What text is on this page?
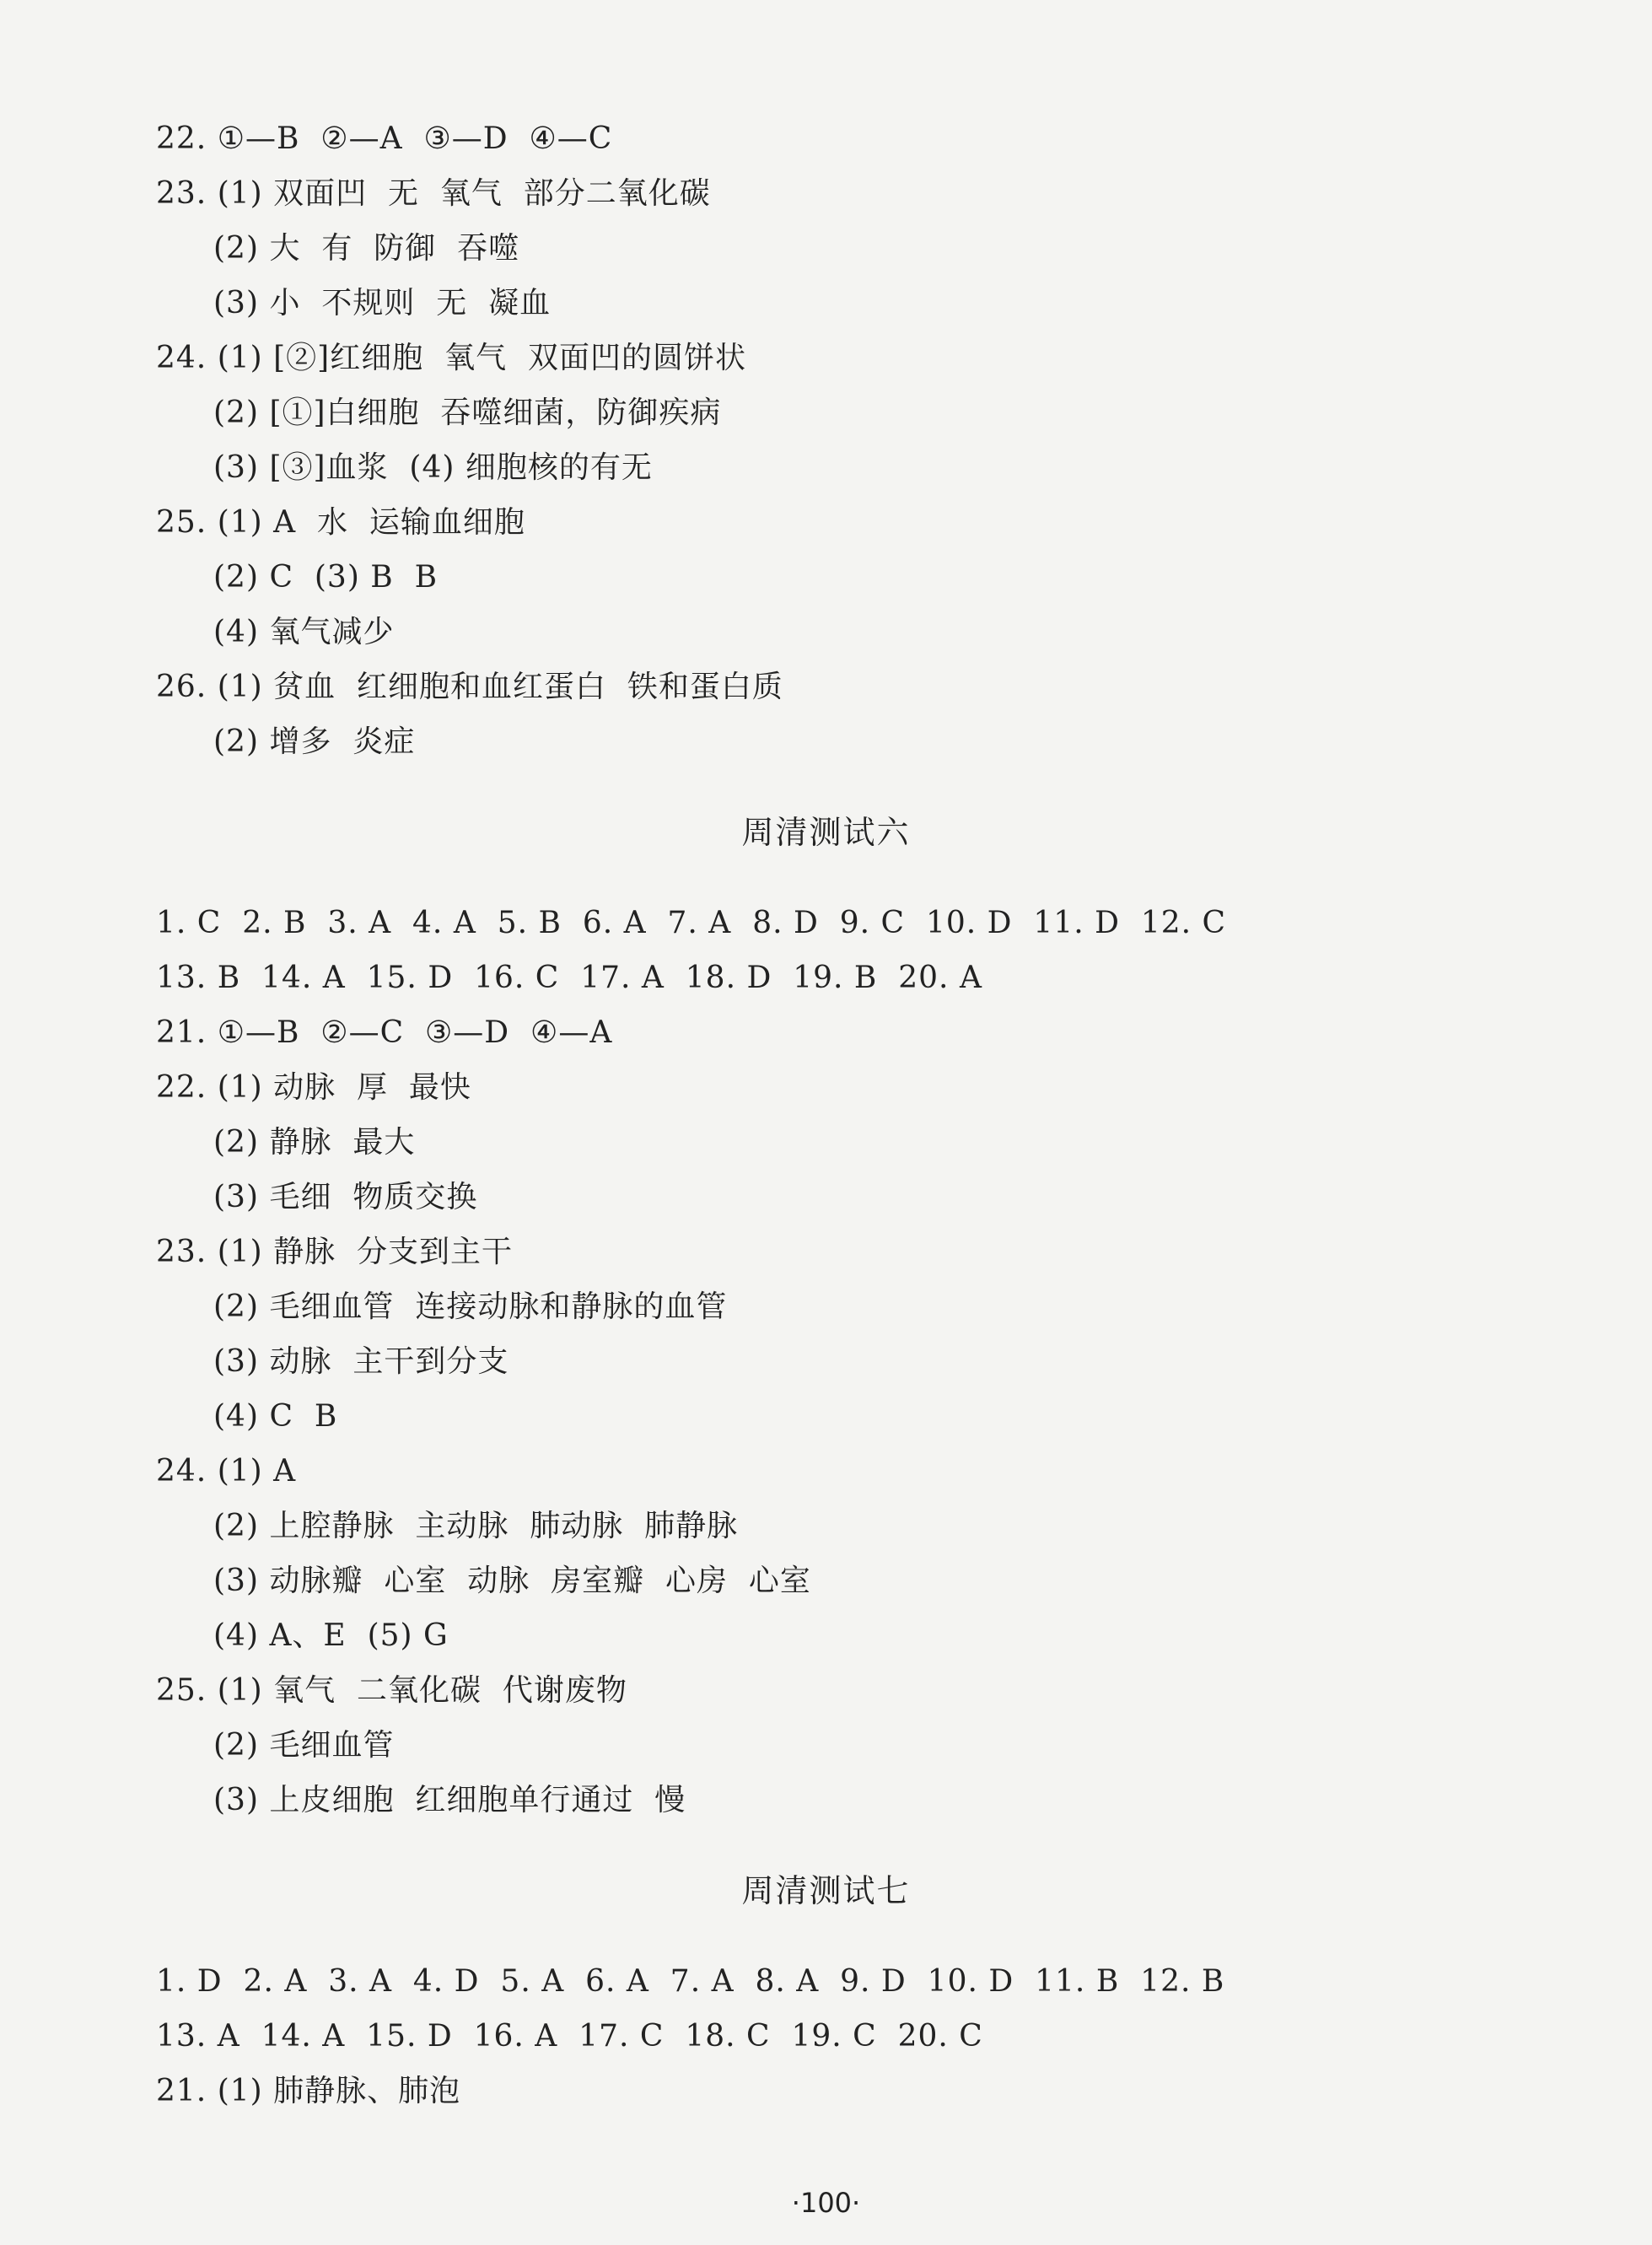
22. ①—B  ②—A  ③—D  ④—C
23. (1) 双面凹  无  氧气  部分二氧化碳
(2) 大  有  防御  吞噬
(3) 小  不规则  无  凝血
24. (1) [②]红细胞  氧气  双面凹的圆饼状
(2) [①]白细胞  吞噬细菌，防御疾病
(3) [③]血浆  (4) 细胞核的有无
25. (1) A  水  运输血细胞
(2) C  (3) B  B
(4) 氧气减少
26. (1) 贫血  红细胞和血红蛋白  铁和蛋白质
(2) 增多  炎症
周清测试六
1. C  2. B  3. A  4. A  5. B  6. A  7. A  8. D  9. C  10. D  11. D  12. C
13. B  14. A  15. D  16. C  17. A  18. D  19. B  20. A
21. ①—B  ②—C  ③—D  ④—A
22. (1) 动脉  厚  最快
(2) 静脉  最大
(3) 毛细  物质交换
23. (1) 静脉  分支到主干
(2) 毛细血管  连接动脉和静脉的血管
(3) 动脉  主干到分支
(4) C  B
24. (1) A
(2) 上腔静脉  主动脉  肺动脉  肺静脉
(3) 动脉瓣  心室  动脉  房室瓣  心房  心室
(4) A、E  (5) G
25. (1) 氧气  二氧化碳  代谢废物
(2) 毛细血管
(3) 上皮细胞  红细胞单行通过  慢
周清测试七
1. D  2. A  3. A  4. D  5. A  6. A  7. A  8. A  9. D  10. D  11. B  12. B
13. A  14. A  15. D  16. A  17. C  18. C  19. C  20. C
21. (1) 肺静脉、肺泡
·100·
